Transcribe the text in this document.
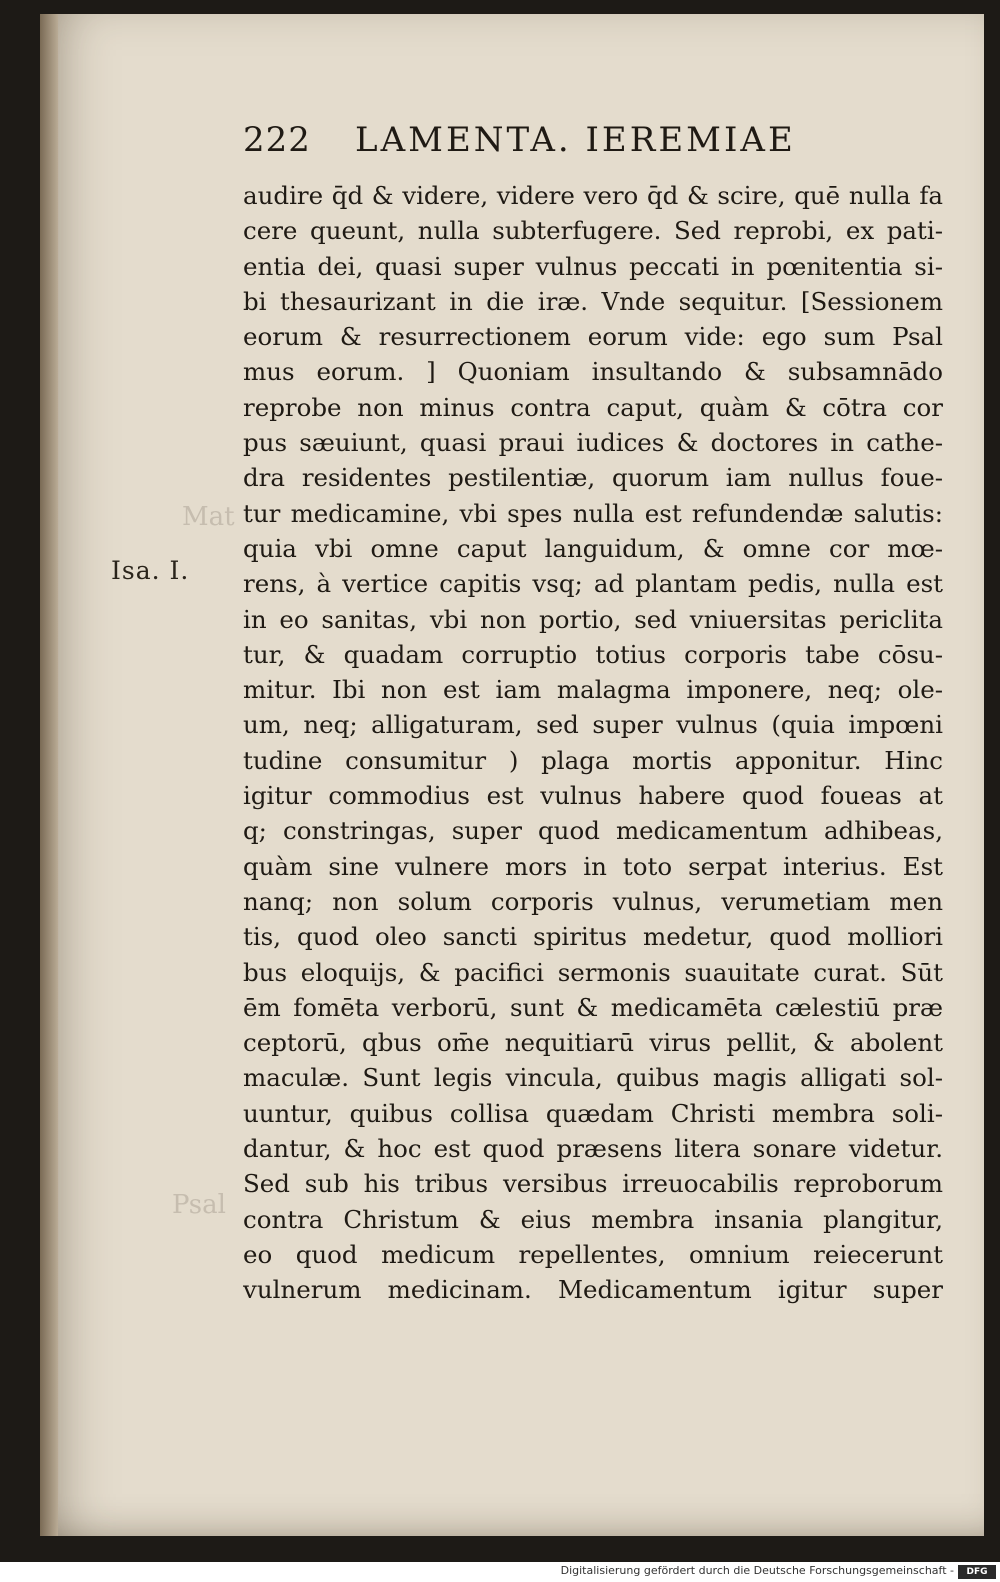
222 LAMENTA. IEREMIAE
Isa. I.
Mat
Psal
audire q̄d & videre, videre vero q̄d & scire, quē nulla fa
cere queunt, nulla subterfugere. Sed reprobi, ex pati-
entia dei, quasi super vulnus peccati in pœnitentia si-
bi thesaurizant in die iræ. Vnde sequitur. [Sessionem
eorum & resurrectionem eorum vide: ego sum Psal
mus eorum. ] Quoniam insultando & subsamnādo
reprobe non minus contra caput, quàm & cōtra cor
pus sæuiunt, quasi praui iudices & doctores in cathe-
dra residentes pestilentiæ, quorum iam nullus foue-
tur medicamine, vbi spes nulla est refundendæ salutis:
quia vbi omne caput languidum, & omne cor mœ-
rens, à vertice capitis vsq; ad plantam pedis, nulla est
in eo sanitas, vbi non portio, sed vniuersitas periclita
tur, & quadam corruptio totius corporis tabe cōsu-
mitur. Ibi non est iam malagma imponere, neq; ole-
um, neq; alligaturam, sed super vulnus (quia impœni
tudine consumitur ) plaga mortis apponitur. Hinc
igitur commodius est vulnus habere quod foueas at
q; constringas, super quod medicamentum adhibeas,
quàm sine vulnere mors in toto serpat interius. Est
nanq; non solum corporis vulnus, verumetiam men
tis, quod oleo sancti spiritus medetur, quod molliori
bus eloquijs, & pacifici sermonis suauitate curat. Sūt
ēm fomēta verborū, sunt & medicamēta cælestiū præ
ceptorū, qbus om̄e nequitiarū virus pellit, & abolent
maculæ. Sunt legis vincula, quibus magis alligati sol-
uuntur, quibus collisa quædam Christi membra soli-
dantur, & hoc est quod præsens litera sonare videtur.
Sed sub his tribus versibus irreuocabilis reproborum
contra Christum & eius membra insania plangitur,
eo quod medicum repellentes, omnium reiecerunt
vulnerum medicinam. Medicamentum igitur super
Digitalisierung gefördert durch die Deutsche Forschungsgemeinschaft -	DFG
